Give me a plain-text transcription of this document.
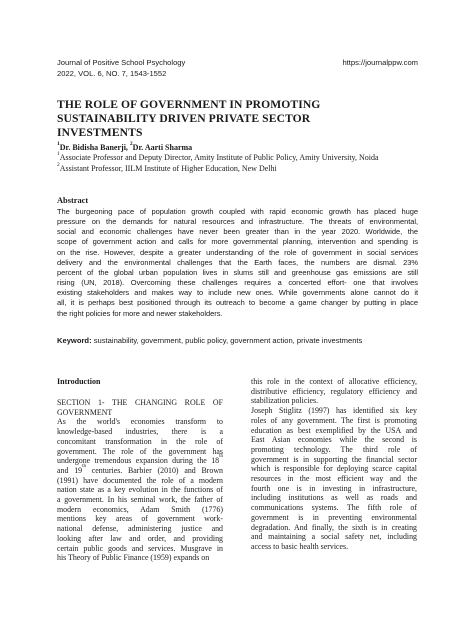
Journal of Positive School Psychology
2022, VOL. 6, NO. 7, 1543-1552
https://journalppw.com
THE ROLE OF GOVERNMENT IN PROMOTING
SUSTAINABILITY DRIVEN PRIVATE SECTOR
INVESTMENTS
$^1$Dr. Bidisha Banerji, $^2$Dr. Aarti Sharma
$^1$Associate Professor and Deputy Director, Amity Institute of Public Policy, Amity University, Noida
$^2$Assistant Professor, IILM Institute of Higher Education, New Delhi
Abstract
The burgeoning pace of population growth coupled with rapid economic growth has placed huge
pressure on the demands for natural resources and infrastructure. The threats of environmental,
social and economic challenges have never been greater than in the year 2020. Worldwide, the
scope of government action and calls for more governmental planning, intervention and spending is
on the rise. However, despite a greater understanding of the role of government in social services
delivery and the environmental challenges that the Earth faces, the numbers are dismal. 23%
percent of the global urban population lives in slums still and greenhouse gas emissions are still
rising (UN, 2018). Overcoming these challenges requires a concerted effort- one that involves
existing stakeholders and makes way to include new ones. While governments alone cannot do it
all, it is perhaps best positioned through its outreach to become a game changer by putting in place
the right policies for more and newer stakeholders.
Keyword: sustainability, government, public policy, government action, private investments
Introduction
SECTION 1- THE CHANGING ROLE OF
GOVERNMENT
As the world's economies transform to
knowledge-based industries, there is a
concomitant transformation in the role of
government. The role of the government has
undergone tremendous expansion during the 18th
and 19th centuries. Barbier (2010) and Brown
(1991) have documented the role of a modern
nation state as a key evolution in the functions of
a government. In his seminal work, the father of
modern economics, Adam Smith (1776)
mentions key areas of government work-
national defense, administering justice and
looking after law and order, and providing
certain public goods and services. Musgrave in
his Theory of Public Finance (1959) expands on
this role in the context of allocative efficiency,
distributive efficiency, regulatory efficiency and
stabilization policies.
Joseph Stiglitz (1997) has identified six key
roles of any government. The first is promoting
education as best exemplified by the USA and
East Asian economies while the second is
promoting technology. The third role of
government is in supporting the financial sector
which is responsible for deploying scarce capital
resources in the most efficient way and the
fourth one is in investing in infrastructure,
including institutions as well as roads and
communications systems. The fifth role of
government is in preventing environmental
degradation. And finally, the sixth is in creating
and maintaining a social safety net, including
access to basic health services.
